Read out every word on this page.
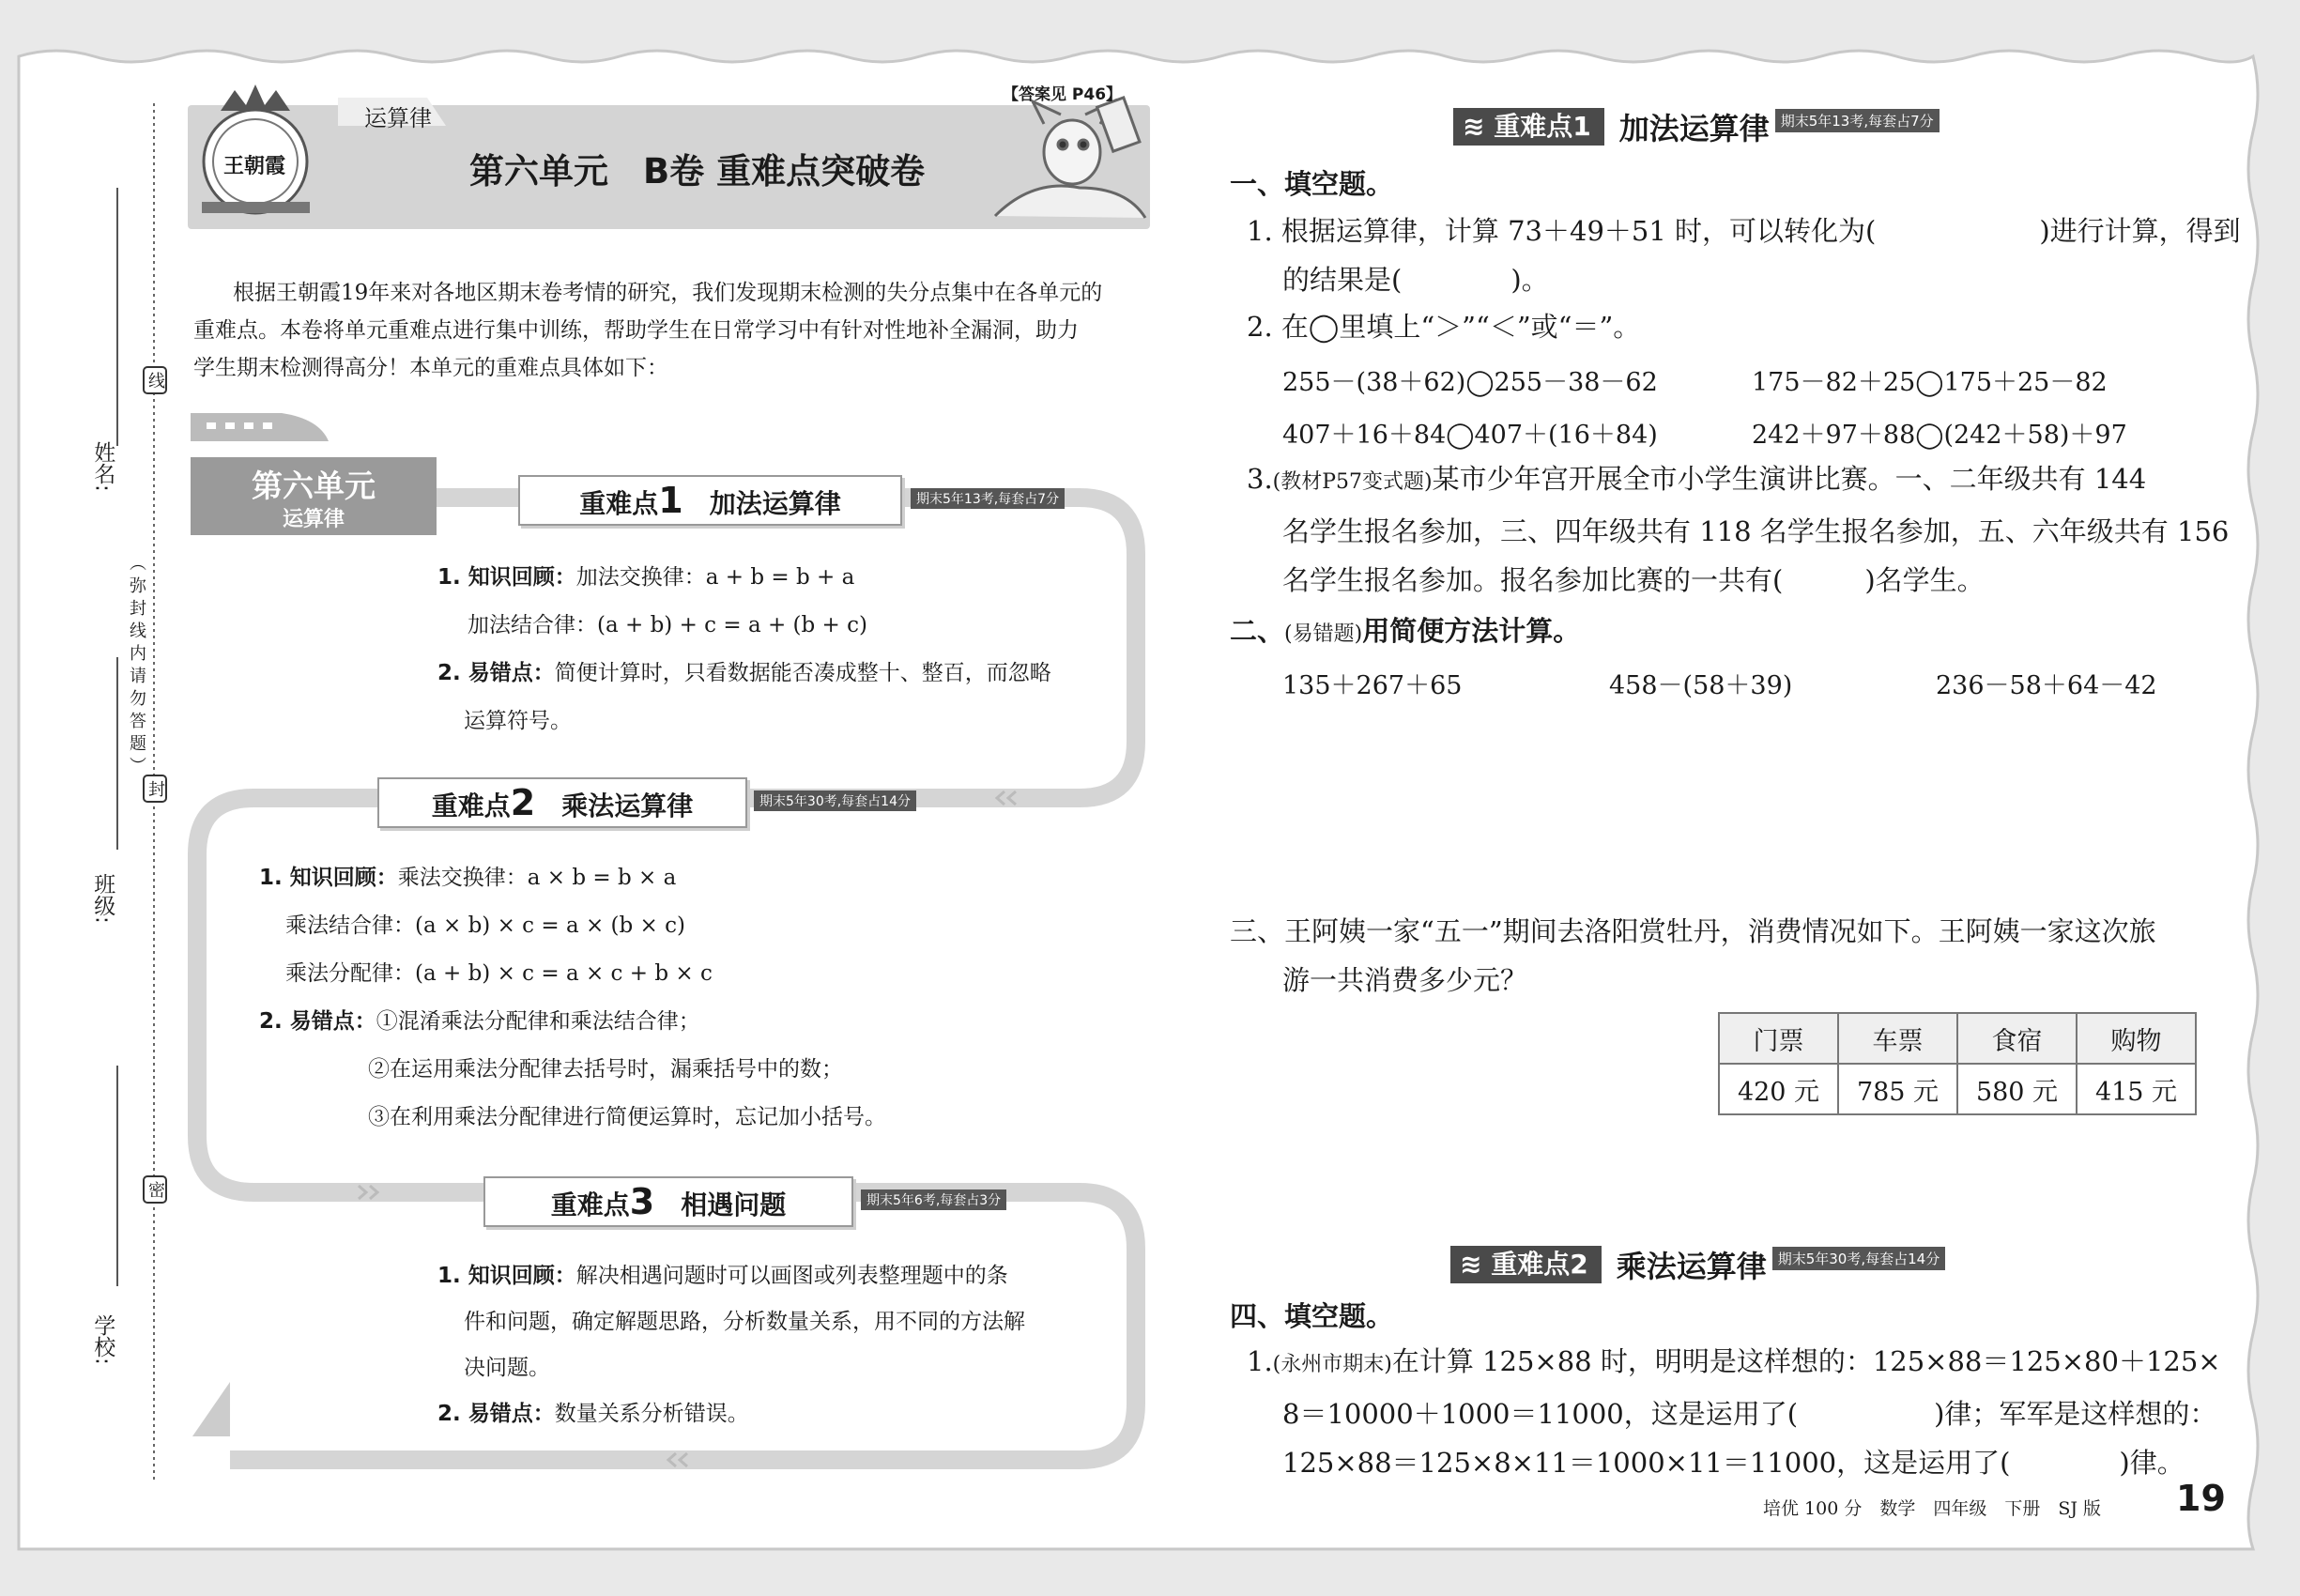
姓名:
班级:
学校:
线
封
密
（弥封线内请勿答题）
运算律
【答案见 P46】
第六单元　B卷 重难点突破卷
王朝霞
根据王朝霞19年来对各地区期末卷考情的研究，我们发现期末检测的失分点集中在各单元的
重难点。本卷将单元重难点进行集中训练，帮助学生在日常学习中有针对性地补全漏洞，助力
学生期末检测得高分！本单元的重难点具体如下：
第六单元
运算律
重难点1　 加法运算律	期末5年13考,每套占7分
1. 知识回顾：加法交换律：a + b = b + a
加法结合律：(a + b) + c = a + (b + c)
2. 易错点：简便计算时，只看数据能否凑成整十、整百，而忽略
运算符号。
重难点2　 乘法运算律	期末5年30考,每套占14分
1. 知识回顾：乘法交换律：a × b = b × a
乘法结合律：(a × b) × c = a × (b × c)
乘法分配律：(a + b) × c = a × c + b × c
2. 易错点：①混淆乘法分配律和乘法结合律；
②在运用乘法分配律去括号时，漏乘括号中的数；
③在利用乘法分配律进行简便运算时，忘记加小括号。
重难点3　 相遇问题	期末5年6考,每套占3分
1. 知识回顾：解决相遇问题时可以画图或列表整理题中的条
件和问题，确定解题思路，分析数量关系，用不同的方法解
决问题。
2. 易错点：数量关系分析错误。
≋ 重难点1 加法运算律 期末5年13考,每套占7分
一、填空题。
1. 根据运算律，计算 73＋49＋51 时，可以转化为(　　　　　　)进行计算，得到
的结果是(　　　　)。
2. 在◯里填上“＞”“＜”或“＝”。
255－(38＋62)◯255－38－62	175－82＋25◯175＋25－82
407＋16＋84◯407＋(16＋84)	242＋97＋88◯(242＋58)＋97
3.(教材P57变式题)某市少年宫开展全市小学生演讲比赛。一、二年级共有 144
名学生报名参加，三、四年级共有 118 名学生报名参加，五、六年级共有 156
名学生报名参加。报名参加比赛的一共有(　　　)名学生。
二、(易错题)用简便方法计算。
135＋267＋65	458－(58＋39)	236－58＋64－42
三、王阿姨一家“五一”期间去洛阳赏牡丹，消费情况如下。王阿姨一家这次旅
游一共消费多少元？
门票	车票	食宿	购物
420 元	785 元	580 元	415 元
≋ 重难点2 乘法运算律 期末5年30考,每套占14分
四、填空题。
1.(永州市期末)在计算 125×88 时，明明是这样想的：125×88＝125×80＋125×
8＝10000＋1000＝11000，这是运用了(　　　　　)律；军军是这样想的：
125×88＝125×8×11＝1000×11＝11000，这是运用了(　　　　)律。
培优 100 分　数学　四年级　下册　SJ 版 19
